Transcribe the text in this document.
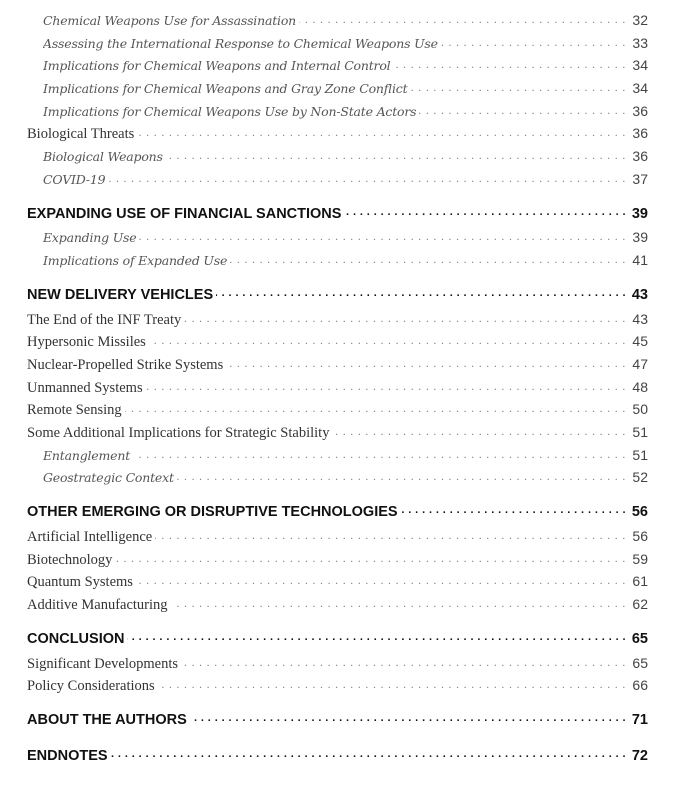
Chemical Weapons Use for Assassination . . .	32
Assessing the International Response to Chemical Weapons Use . . .	33
Implications for Chemical Weapons and Internal Control . . .	34
Implications for Chemical Weapons and Gray Zone Conflict . . .	34
Implications for Chemical Weapons Use by Non-State Actors . . .	36
Biological Threats . . .	36
Biological Weapons . . .	36
COVID-19 . . .	37
EXPANDING USE OF FINANCIAL SANCTIONS . . .	39
Expanding Use . . .	39
Implications of Expanded Use . . .	41
NEW DELIVERY VEHICLES . . .	43
The End of the INF Treaty . . .	43
Hypersonic Missiles . . .	45
Nuclear-Propelled Strike Systems . . .	47
Unmanned Systems . . .	48
Remote Sensing . . .	50
Some Additional Implications for Strategic Stability . . .	51
Entanglement . . .	51
Geostrategic Context . . .	52
OTHER EMERGING OR DISRUPTIVE TECHNOLOGIES . . .	56
Artificial Intelligence . . .	56
Biotechnology . . .	59
Quantum Systems . . .	61
Additive Manufacturing . . .	62
CONCLUSION . . .	65
Significant Developments . . .	65
Policy Considerations . . .	66
ABOUT THE AUTHORS . . .	71
ENDNOTES . . .	72
